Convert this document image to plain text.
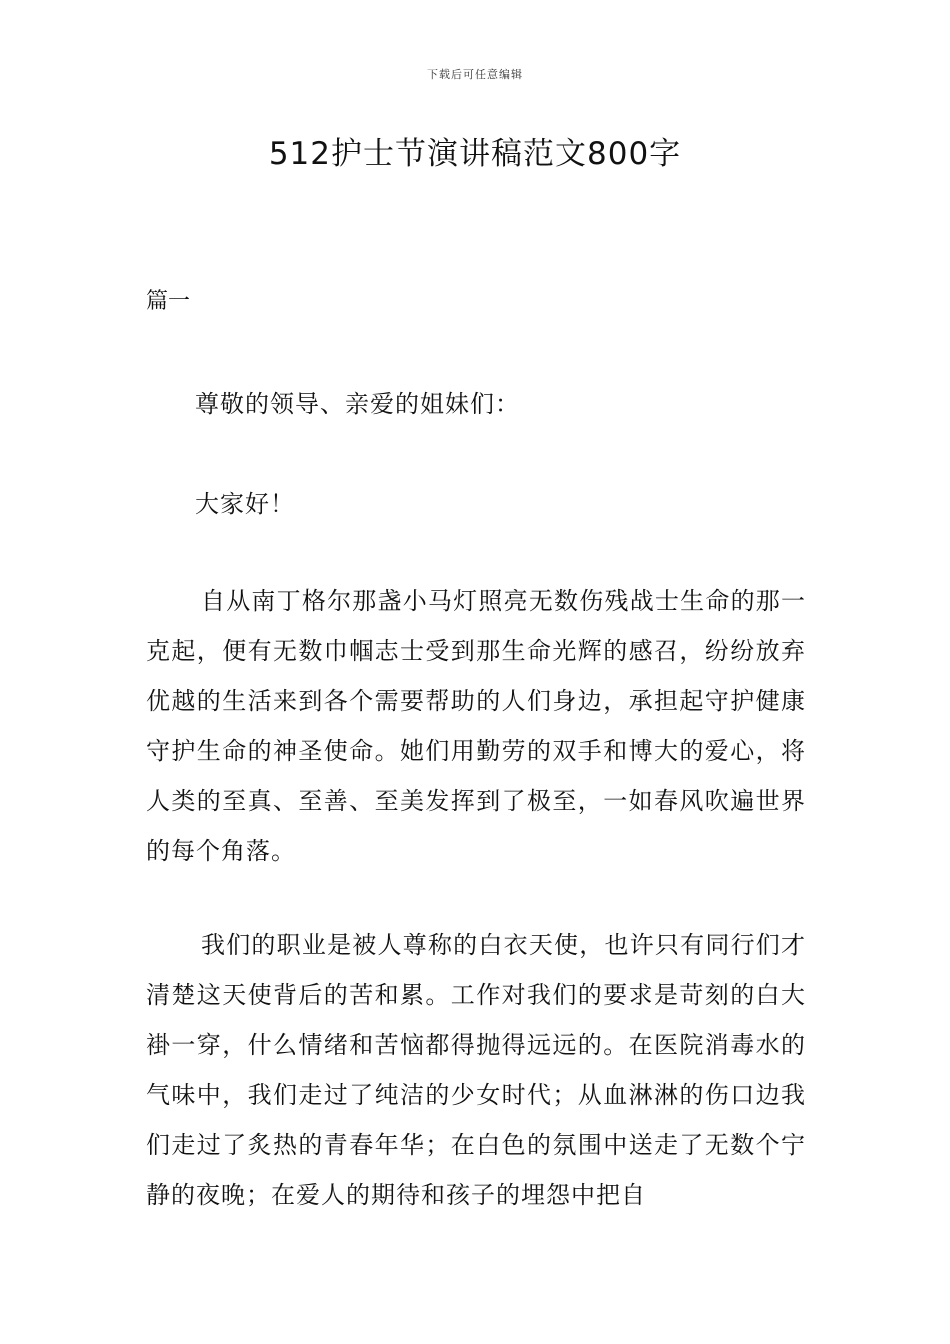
下载后可任意编辑
512护士节演讲稿范文800字
篇一
尊敬的领导、亲爱的姐妹们：
大家好！
自从南丁格尔那盏小马灯照亮无数伤残战士生命的那一克起，便有无数巾帼志士受到那生命光辉的感召，纷纷放弃优越的生活来到各个需要帮助的人们身边，承担起守护健康守护生命的神圣使命。她们用勤劳的双手和博大的爱心，将人类的至真、至善、至美发挥到了极至，一如春风吹遍世界的每个角落。
我们的职业是被人尊称的白衣天使，也许只有同行们才清楚这天使背后的苦和累。工作对我们的要求是苛刻的白大褂一穿，什么情绪和苦恼都得抛得远远的。在医院消毒水的气味中，我们走过了纯洁的少女时代；从血淋淋的伤口边我们走过了炙热的青春年华；在白色的氛围中送走了无数个宁静的夜晚；在爱人的期待和孩子的埋怨中把自
